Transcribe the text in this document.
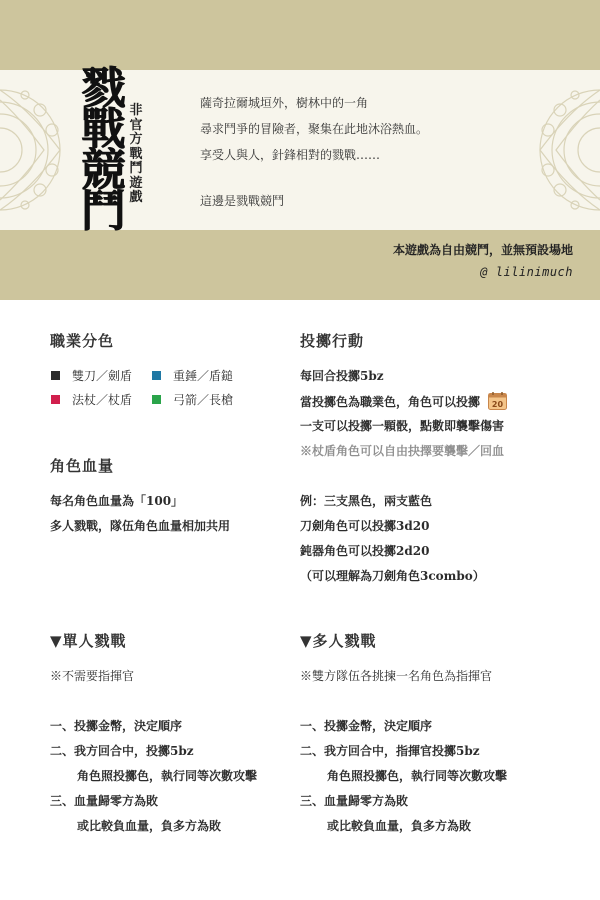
戮
戰
競
鬥
非
官
方
戰
鬥
遊
戲
薩奇拉爾城垣外，樹林中的一角
尋求鬥爭的冒險者，聚集在此地沐浴熱血。
享受人與人，針鋒相對的戮戰……
這邊是戮戰競鬥
本遊戲為自由競鬥，並無預設場地
@ lilinimuch
職業分色
雙刀／劍盾	重錘／盾鎚
法杖／杖盾	弓箭／長槍
角色血量
每名角色血量為「100」
多人戮戰，隊伍角色血量相加共用
投擲行動
每回合投擲5bz
當投擲色為職業色，角色可以投擲 20
一支可以投擲一顆骰，點數即襲擊傷害
※杖盾角色可以自由抉擇要襲擊／回血
例：三支黑色，兩支藍色
刀劍角色可以投擲3d20
鈍器角色可以投擲2d20
（可以理解為刀劍角色3combo）
▼單人戮戰
※不需要指揮官
一、投擲金幣，決定順序
二、我方回合中，投擲5bz
角色照投擲色，執行同等次數攻擊
三、血量歸零方為敗
或比較負血量，負多方為敗
▼多人戮戰
※雙方隊伍各挑揀一名角色為指揮官
一、投擲金幣，決定順序
二、我方回合中，指揮官投擲5bz
角色照投擲色，執行同等次數攻擊
三、血量歸零方為敗
或比較負血量，負多方為敗
